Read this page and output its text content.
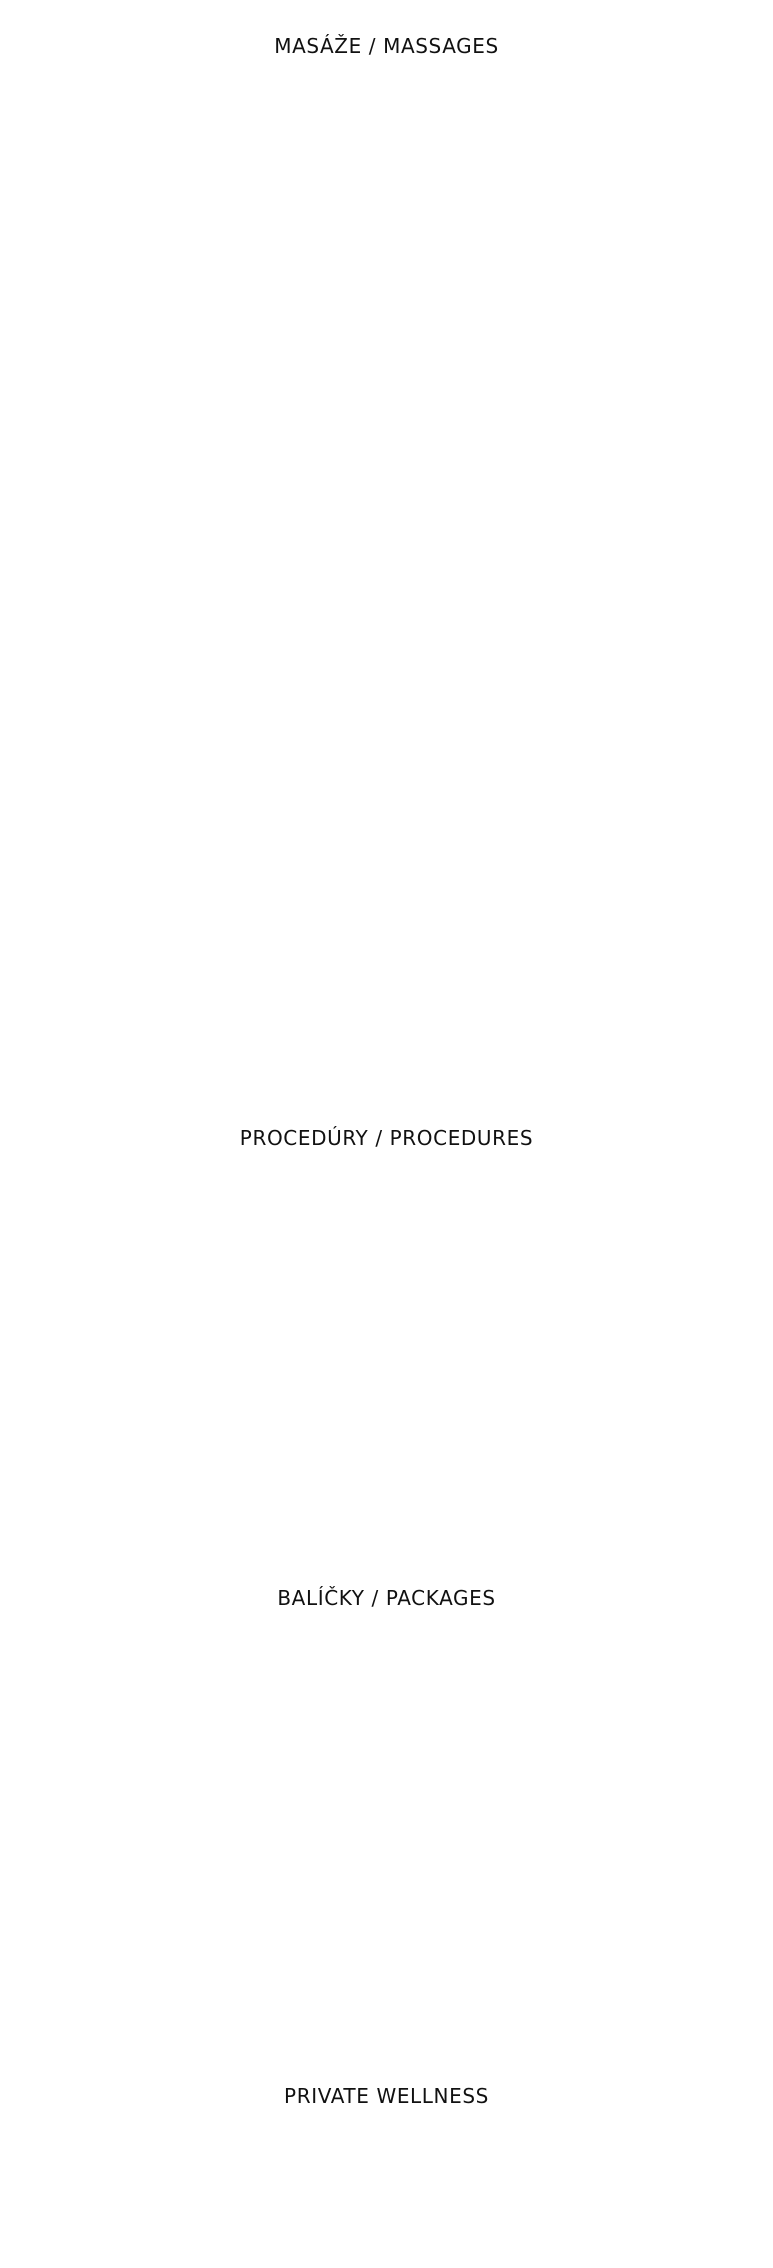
MASÁŽE / MASSAGES
PROCEDÚRY / PROCEDURES
BALÍČKY / PACKAGES
PRIVATE WELLNESS
